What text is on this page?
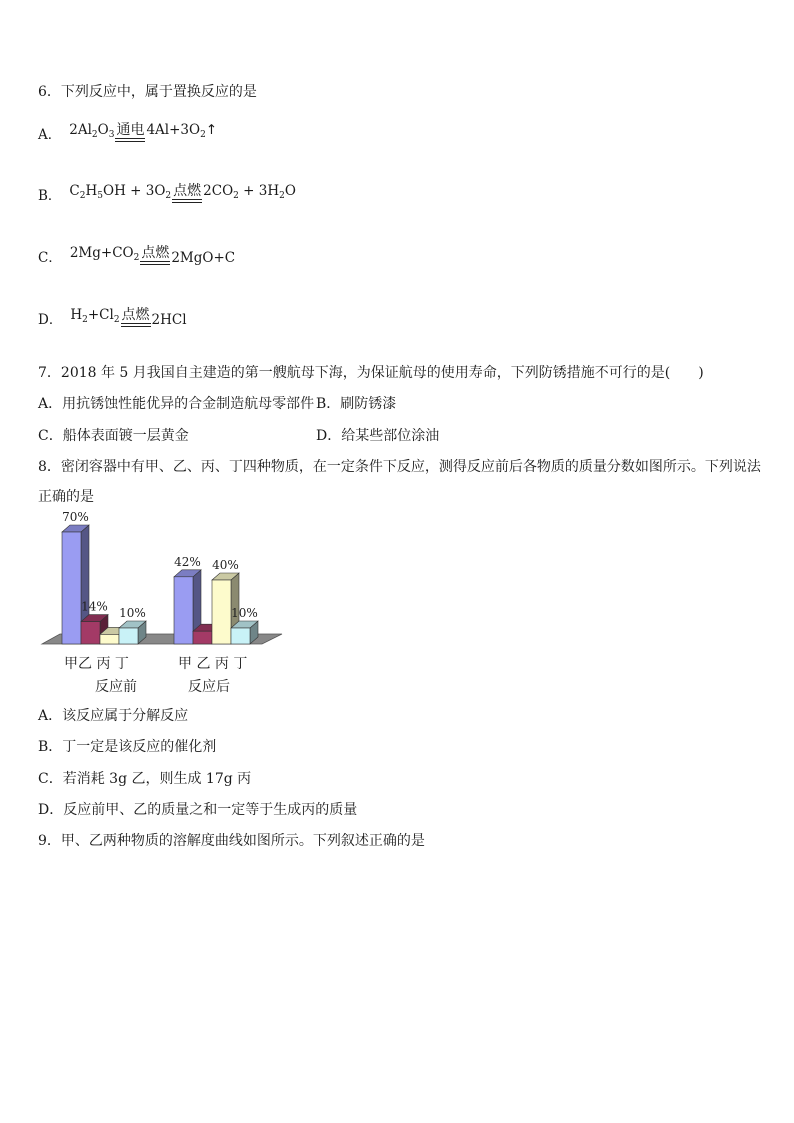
6．下列反应中，属于置换反应的是
A． $2Al_2O_3$ 通电 $4Al+3O_2↑$
B． $C_2H_5OH + 3O_2$ 点燃 $2CO_2 + 3H_2O$
C． $2Mg+CO_2$ 点燃 2MgO+C
D． $H_2+Cl_2$ 点燃 2HCl
7．2018 年 5 月我国自主建造的第一艘航母下海，为保证航母的使用寿命，下列防锈措施不可行的是(　　)
A．用抗锈蚀性能优异的合金制造航母零部件 B．刷防锈漆
C．船体表面镀一层黄金	D．给某些部位涂油
8．密闭容器中有甲、乙、丙、丁四种物质，在一定条件下反应，测得反应前后各物质的质量分数如图所示。下列说法
正确的是
70%
14% 10%
42% 40%
10%
甲乙 丙 丁	甲 乙 丙 丁
反应前	反应后
A．该反应属于分解反应
B．丁一定是该反应的催化剂
C．若消耗 3g 乙，则生成 17g 丙
D．反应前甲、乙的质量之和一定等于生成丙的质量
9．甲、乙两种物质的溶解度曲线如图所示。下列叙述正确的是
